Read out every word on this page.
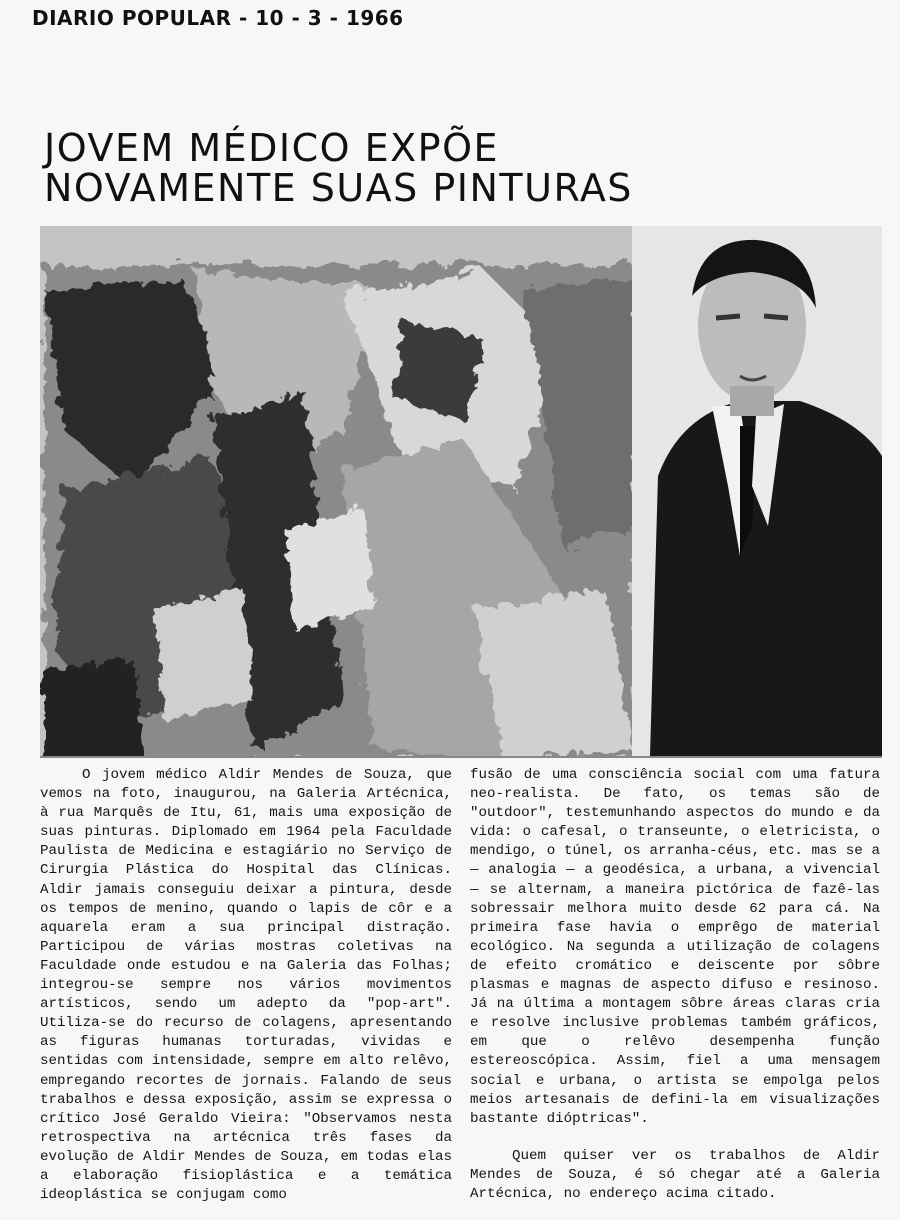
DIARIO POPULAR - 10 - 3 - 1966
JOVEM MÉDICO EXPÕE
NOVAMENTE SUAS PINTURAS

O jovem médico Aldir Mendes de Souza, que vemos na foto, inaugurou, na Galeria Artécnica, à rua Marquês de Itu, 61, mais uma exposição de suas pinturas. Diplomado em 1964 pela Faculdade Paulista de Medicina e estagiário no Serviço de Cirurgia Plástica do Hospital das Clínicas. Aldir jamais conseguiu deixar a pintura, desde os tempos de menino, quando o lapis de côr e a aquarela eram a sua principal distração. Participou de várias mostras coletivas na Faculdade onde estudou e na Galeria das Folhas; integrou-se sempre nos vários movimentos artísticos, sendo um adepto da "pop-art". Utiliza-se do recurso de colagens, apresentando as figuras humanas torturadas, vividas e sentidas com intensidade, sempre em alto relêvo, empregando recortes de jornais. Falando de seus trabalhos e dessa exposição, assim se expressa o crítico José Geraldo Vieira: "Observamos nesta retrospectiva na artécnica três fases da evolução de Aldir Mendes de Souza, em todas elas a elaboração fisioplástica e a temática ideoplástica se conjugam como

fusão de uma consciência social com uma fatura neo-realista. De fato, os temas são de "outdoor", testemunhando aspectos do mundo e da vida: o cafesal, o transeunte, o eletricista, o mendigo, o túnel, os arranha-céus, etc. mas se a — analogia — a geodésica, a urbana, a vivencial — se alternam, a maneira pictórica de fazê-las sobressair melhora muito desde 62 para cá. Na primeira fase havia o emprêgo de material ecológico. Na segunda a utilização de colagens de efeito cromático e deiscente por sôbre plasmas e magnas de aspecto difuso e resinoso. Já na última a montagem sôbre áreas claras cria e resolve inclusive problemas também gráficos, em que o relêvo desempenha função estereoscópica. Assim, fiel a uma mensagem social e urbana, o artista se empolga pelos meios artesanais de defini-la em visualizações bastante dióptricas".

Quem quiser ver os trabalhos de Aldir Mendes de Souza, é só chegar até a Galeria Artécnica, no endereço acima citado.
